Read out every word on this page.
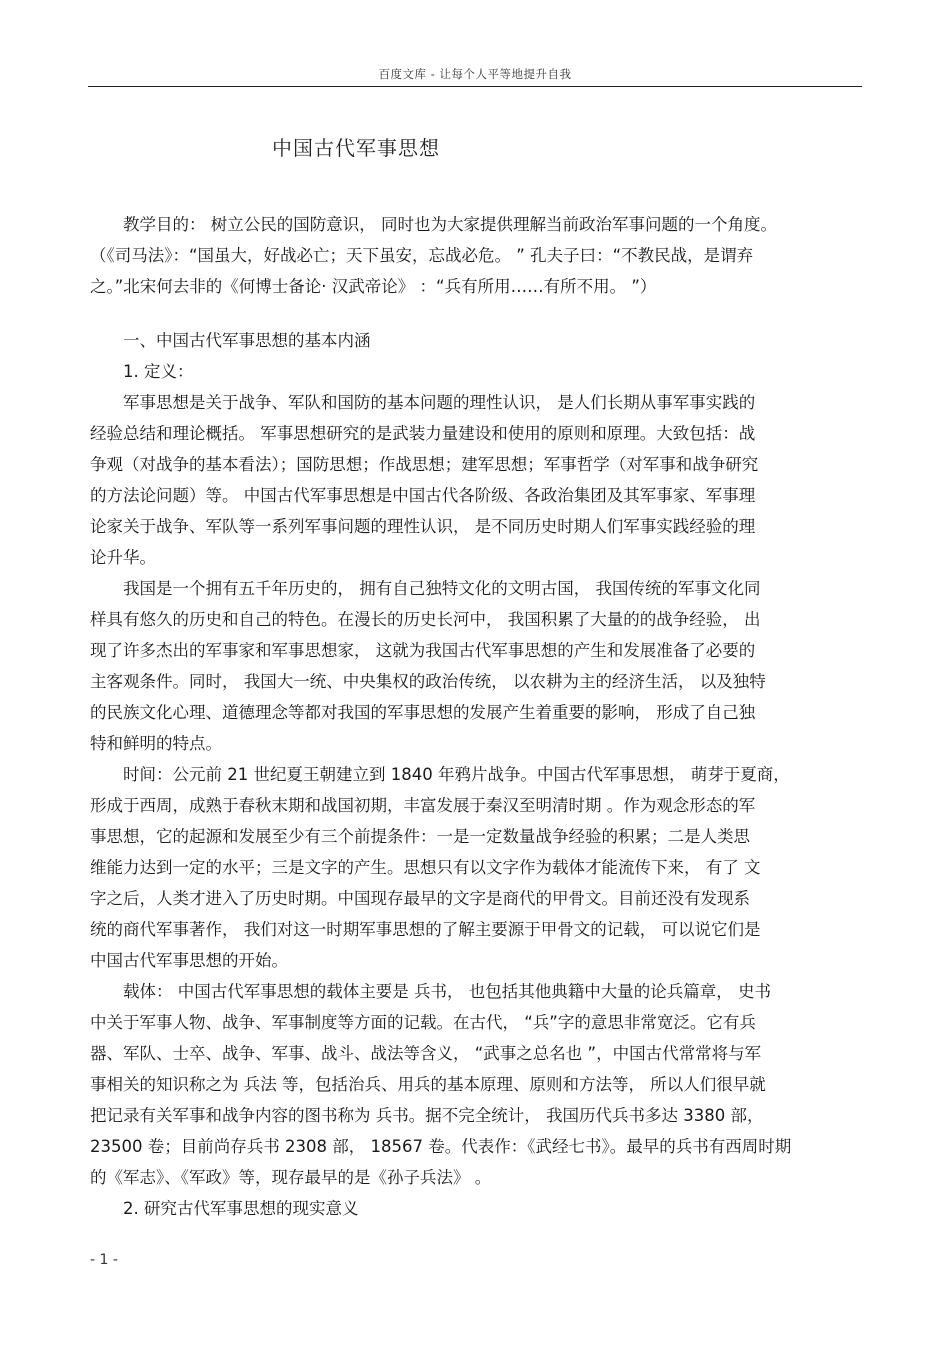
百度文库 - 让每个人平等地提升自我
中国古代军事思想
　　教学目的： 树立公民的国防意识， 同时也为大家提供理解当前政治军事问题的一个角度。
（《司马法》：“国虽大，好战必亡；天下虽安，忘战必危。 ” 孔夫子曰：“不教民战，是谓弃
之。”北宋何去非的《何博士备论· 汉武帝论》 ：“兵有所用……有所不用。 ”）
　　一、中国古代军事思想的基本内涵
　　1. 定义：
　　军事思想是关于战争、军队和国防的基本问题的理性认识， 是人们长期从事军事实践的
经验总结和理论概括。 军事思想研究的是武装力量建设和使用的原则和原理。大致包括：战
争观（对战争的基本看法）；国防思想；作战思想；建军思想；军事哲学（对军事和战争研究
的方法论问题）等。 中国古代军事思想是中国古代各阶级、各政治集团及其军事家、军事理
论家关于战争、军队等一系列军事问题的理性认识， 是不同历史时期人们军事实践经验的理
论升华。
　　我国是一个拥有五千年历史的， 拥有自己独特文化的文明古国， 我国传统的军事文化同
样具有悠久的历史和自己的特色。在漫长的历史长河中， 我国积累了大量的的战争经验， 出
现了许多杰出的军事家和军事思想家， 这就为我国古代军事思想的产生和发展准备了必要的
主客观条件。同时， 我国大一统、中央集权的政治传统， 以农耕为主的经济生活， 以及独特
的民族文化心理、道德理念等都对我国的军事思想的发展产生着重要的影响， 形成了自己独
特和鲜明的特点。
　　时间：公元前 21 世纪夏王朝建立到 1840 年鸦片战争。中国古代军事思想， 萌芽于夏商，
形成于西周，成熟于春秋末期和战国初期，丰富发展于秦汉至明清时期 。作为观念形态的军
事思想，它的起源和发展至少有三个前提条件：一是一定数量战争经验的积累；二是人类思
维能力达到一定的水平；三是文字的产生。思想只有以文字作为载体才能流传下来， 有了 文
字之后，人类才进入了历史时期。中国现存最早的文字是商代的甲骨文。目前还没有发现系
统的商代军事著作， 我们对这一时期军事思想的了解主要源于甲骨文的记载， 可以说它们是
中国古代军事思想的开始。
　　载体： 中国古代军事思想的载体主要是 兵书， 也包括其他典籍中大量的论兵篇章， 史书
中关于军事人物、战争、军事制度等方面的记载。在古代， “兵”字的意思非常宽泛。它有兵
器、军队、士卒、战争、军事、战斗、战法等含义， “武事之总名也 ”，中国古代常常将与军
事相关的知识称之为 兵法 等，包括治兵、用兵的基本原理、原则和方法等， 所以人们很早就
把记录有关军事和战争内容的图书称为 兵书。据不完全统计， 我国历代兵书多达 3380 部，
23500 卷；目前尚存兵书 2308 部， 18567 卷。代表作：《武经七书》。最早的兵书有西周时期
的《军志》、《军政》等，现存最早的是《孙子兵法》 。
　　2. 研究古代军事思想的现实意义
- 1 -
